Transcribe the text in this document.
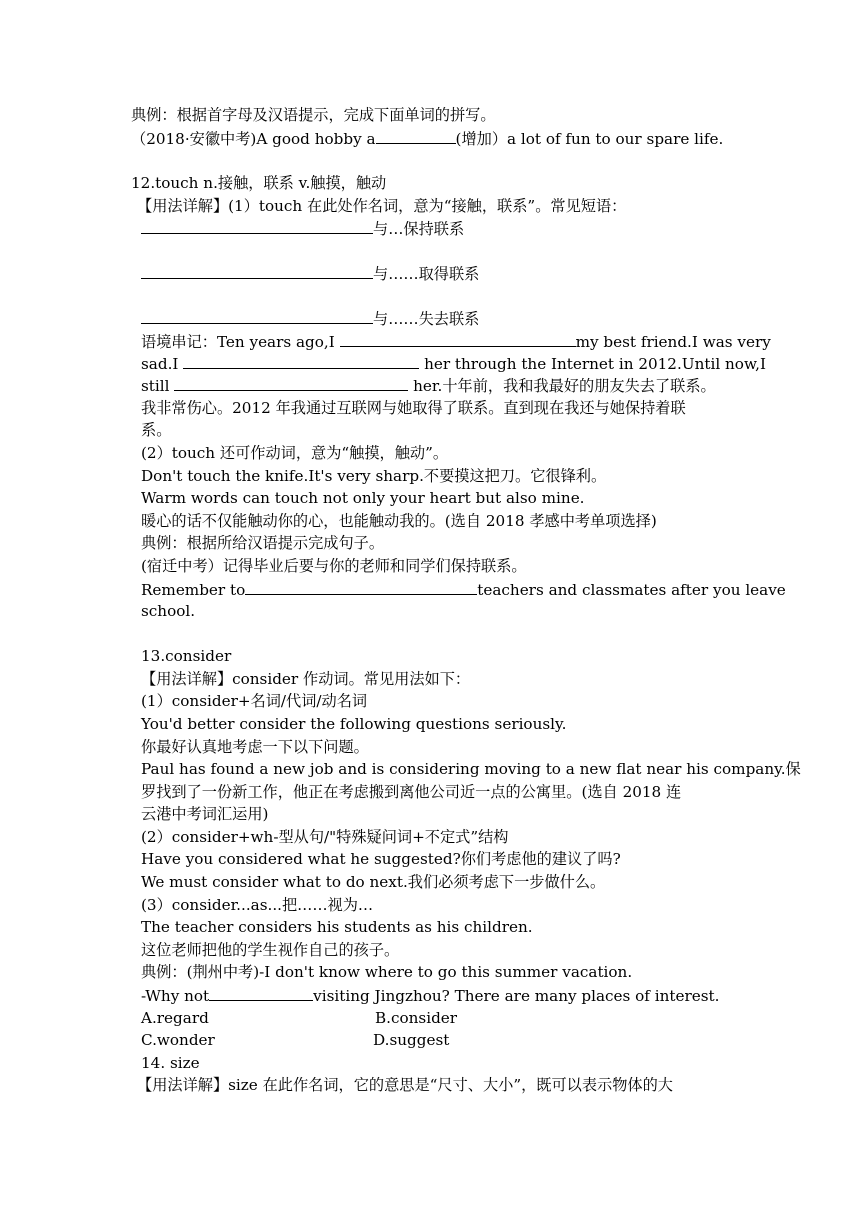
典例：根据首字母及汉语提示，完成下面单词的拼写。
（2018·安徽中考)A good hobby a	(增加）a lot of fun to our spare life.
12.touch n.接触，联系 v.触摸，触动
【用法详解】(1）touch 在此处作名词，意为“接触，联系”。常见短语：
与…保持联系
与……取得联系
与……失去联系
语境串记：Ten years ago,I	my best friend.I was very
sad.I	her through the Internet in 2012.Until now,I
still	her.十年前，我和我最好的朋友失去了联系。
我非常伤心。2012 年我通过互联网与她取得了联系。直到现在我还与她保持着联
系。
(2）touch 还可作动词，意为“触摸，触动”。
Don't touch the knife.It's very sharp.不要摸这把刀。它很锋利。
Warm words can touch not only your heart but also mine.
暖心的话不仅能触动你的心，也能触动我的。(选自 2018 孝感中考单项选择)
典例：根据所给汉语提示完成句子。
(宿迁中考）记得毕业后要与你的老师和同学们保持联系。
Remember to	teachers and classmates after you leave
school.
13.consider
【用法详解】consider 作动词。常见用法如下：
(1）consider+名词/代词/动名词
You'd better consider the following questions seriously.
你最好认真地考虑一下以下问题。
Paul has found a new job and is considering moving to a new flat near his company.保
罗找到了一份新工作，他正在考虑搬到离他公司近一点的公寓里。(选自 2018 连
云港中考词汇运用)
(2）consider+wh-型从句/"特殊疑问词+不定式”结构
Have you considered what he suggested?你们考虑他的建议了吗?
We must consider what to do next.我们必须考虑下一步做什么。
(3）consider...as...把……视为…
The teacher considers his students as his children.
这位老师把他的学生视作自己的孩子。
典例：(荆州中考)-I don't know where to go this summer vacation.
-Why not	visiting Jingzhou? There are many places of interest.
A.regard	B.consider
C.wonder	D.suggest
14. size
【用法详解】size 在此作名词，它的意思是“尺寸、大小”，既可以表示物体的大
